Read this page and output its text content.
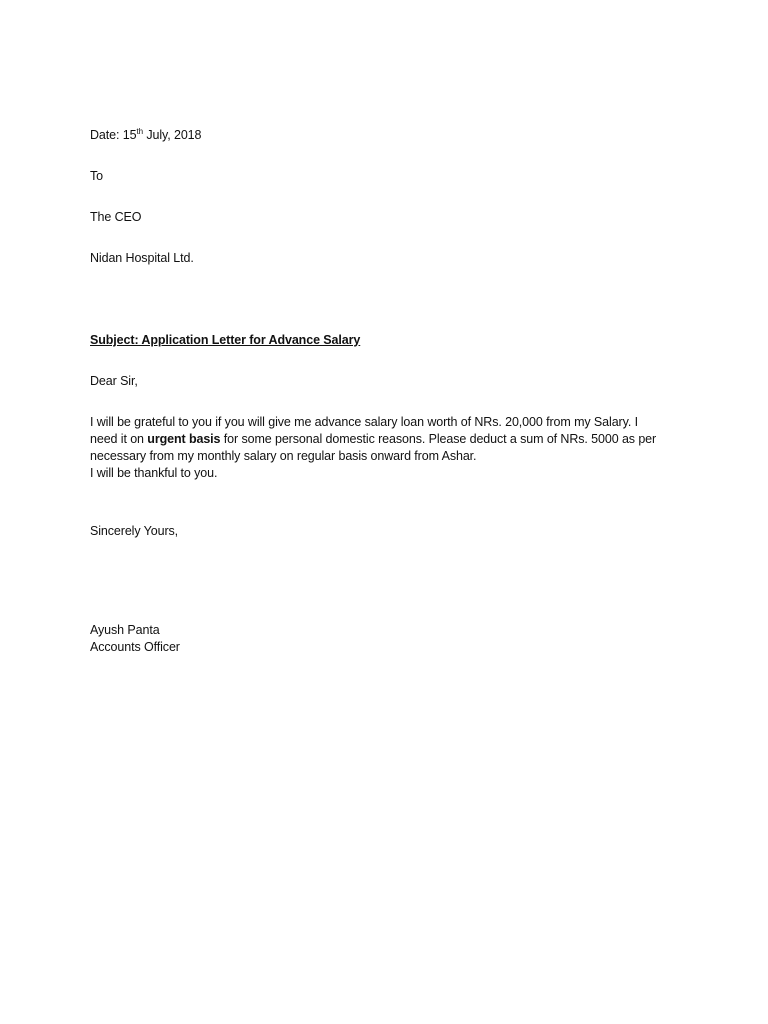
Date: 15th July, 2018

To

The CEO

Nidan Hospital Ltd.

Subject: Application Letter for Advance Salary

Dear Sir,

I will be grateful to you if you will give me advance salary loan worth of NRs. 20,000 from my Salary. I
need it on urgent basis for some personal domestic reasons. Please deduct a sum of NRs. 5000 as per
necessary from my monthly salary on regular basis onward from Ashar.
I will be thankful to you.

Sincerely Yours,

Ayush Panta

Accounts Officer
